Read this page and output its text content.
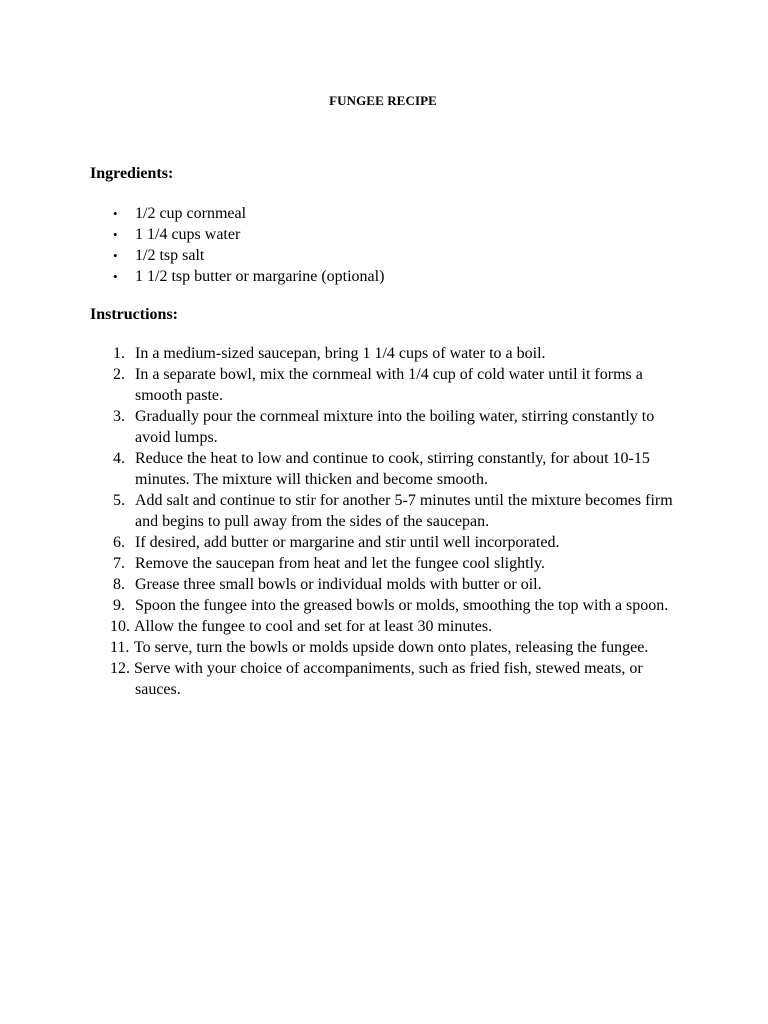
FUNGEE RECIPE
Ingredients:
• 1/2 cup cornmeal
• 1 1/4 cups water
• 1/2 tsp salt
• 1 1/2 tsp butter or margarine (optional)
Instructions:
1. In a medium-sized saucepan, bring 1 1/4 cups of water to a boil.
2. In a separate bowl, mix the cornmeal with 1/4 cup of cold water until it forms a smooth paste.
3. Gradually pour the cornmeal mixture into the boiling water, stirring constantly to avoid lumps.
4. Reduce the heat to low and continue to cook, stirring constantly, for about 10-15 minutes. The mixture will thicken and become smooth.
5. Add salt and continue to stir for another 5-7 minutes until the mixture becomes firm and begins to pull away from the sides of the saucepan.
6. If desired, add butter or margarine and stir until well incorporated.
7. Remove the saucepan from heat and let the fungee cool slightly.
8. Grease three small bowls or individual molds with butter or oil.
9. Spoon the fungee into the greased bowls or molds, smoothing the top with a spoon.
10. Allow the fungee to cool and set for at least 30 minutes.
11. To serve, turn the bowls or molds upside down onto plates, releasing the fungee.
12. Serve with your choice of accompaniments, such as fried fish, stewed meats, or sauces.
